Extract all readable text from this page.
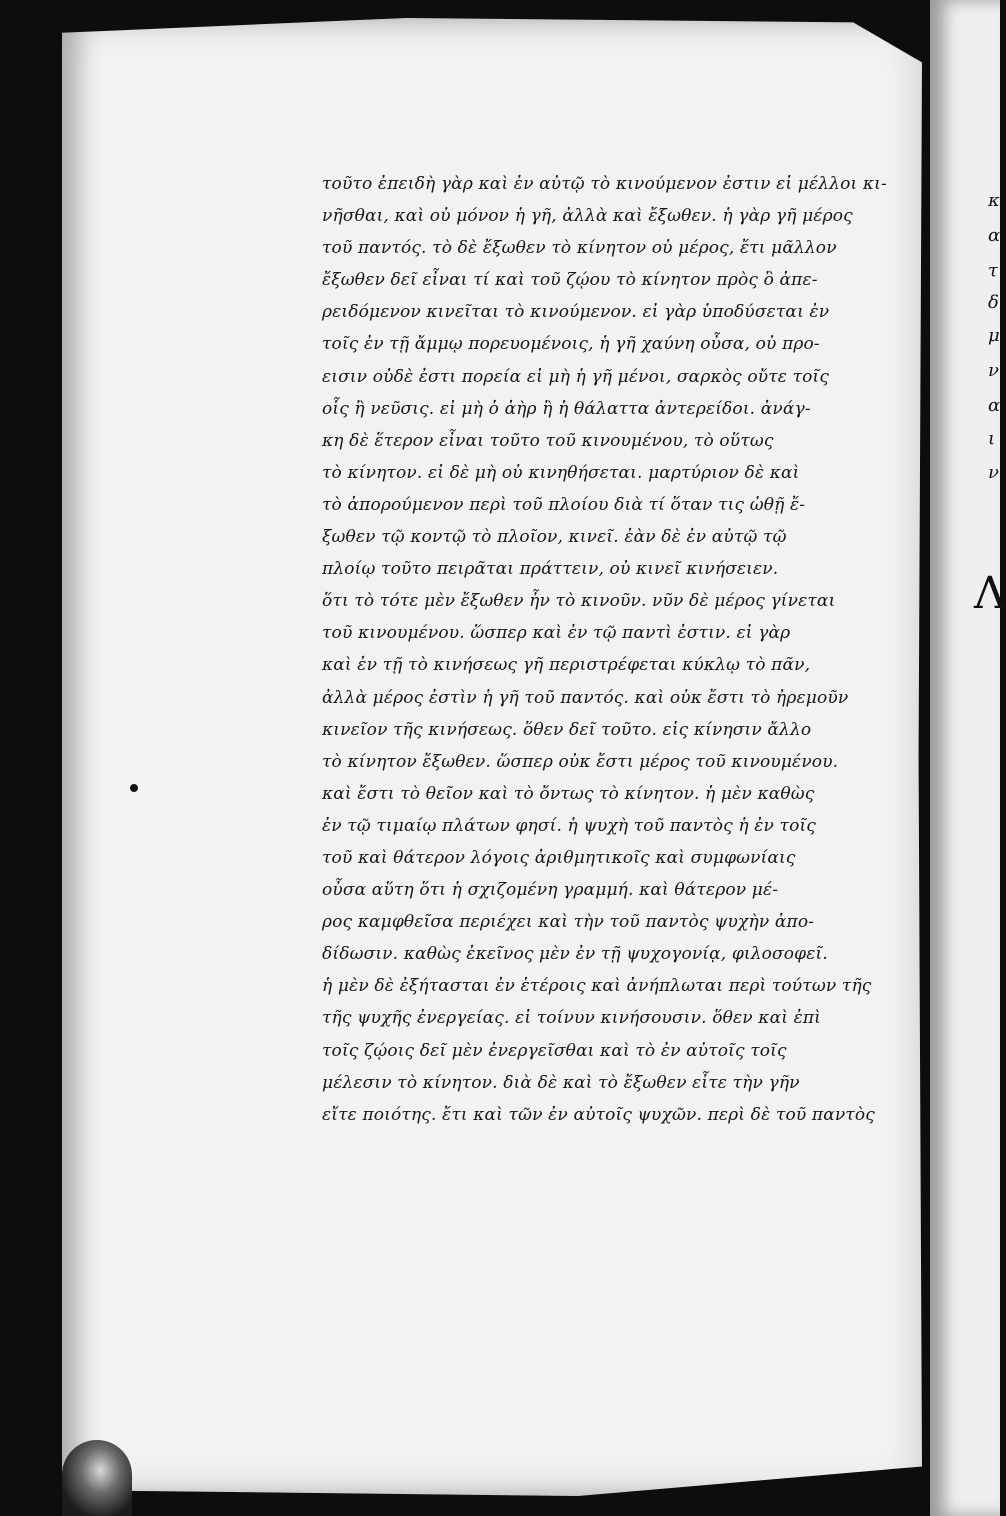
κ
α
τ
δ
μ
ν
α
ι
ν
Λ
τοῦτο ἐπειδὴ γὰρ καὶ ἐν αὐτῷ τὸ κινούμενον ἐστιν εἰ μέλλοι κι-
νῆσθαι, καὶ οὐ μόνον ἡ γῆ, ἀλλὰ καὶ ἔξωθεν. ἡ γὰρ γῆ μέρος
τοῦ παντός. τὸ δὲ ἔξωθεν τὸ κίνητον οὐ μέρος, ἔτι μᾶλλον
ἔξωθεν δεῖ εἶναι τί καὶ τοῦ ζῴου τὸ κίνητον πρὸς ὃ ἀπε-
ρειδόμενον κινεῖται τὸ κινούμενον. εἰ γὰρ ὑποδύσεται ἐν
τοῖς ἐν τῇ ἄμμῳ πορευομένοις, ἡ γῆ χαύνη οὖσα, οὐ προ-
εισιν οὐδὲ ἐστι πορεία εἰ μὴ ἡ γῆ μένοι, σαρκὸς οὔτε τοῖς
οἷς ἢ νεῦσις. εἰ μὴ ὁ ἀὴρ ἢ ἡ θάλαττα ἀντερείδοι. ἀνάγ-
κη δὲ ἕτερον εἶναι τοῦτο τοῦ κινουμένου, τὸ οὕτως
τὸ κίνητον. εἰ δὲ μὴ οὐ κινηθήσεται. μαρτύριον δὲ καὶ
τὸ ἀπορούμενον περὶ τοῦ πλοίου διὰ τί ὅταν τις ὠθῇ ἔ-
ξωθεν τῷ κοντῷ τὸ πλοῖον, κινεῖ. ἐὰν δὲ ἐν αὐτῷ τῷ
πλοίῳ τοῦτο πειρᾶται πράττειν, οὐ κινεῖ κινήσειεν.
ὅτι τὸ τότε μὲν ἔξωθεν ἦν τὸ κινοῦν. νῦν δὲ μέρος γίνεται
τοῦ κινουμένου. ὥσπερ καὶ ἐν τῷ παντὶ ἐστιν. εἰ γὰρ
καὶ ἐν τῇ τὸ κινήσεως γῆ περιστρέφεται κύκλῳ τὸ πᾶν,
ἀλλὰ μέρος ἐστὶν ἡ γῆ τοῦ παντός. καὶ οὐκ ἔστι τὸ ἠρεμοῦν
κινεῖον τῆς κινήσεως. ὅθεν δεῖ τοῦτο. εἰς κίνησιν ἄλλο
τὸ κίνητον ἔξωθεν. ὥσπερ οὐκ ἔστι μέρος τοῦ κινουμένου.
καὶ ἔστι τὸ θεῖον καὶ τὸ ὄντως τὸ κίνητον. ἡ μὲν καθὼς
ἐν τῷ τιμαίῳ πλάτων φησί. ἡ ψυχὴ τοῦ παντὸς ἡ ἐν τοῖς
τοῦ καὶ θάτερον λόγοις ἀριθμητικοῖς καὶ συμφωνίαις
οὖσα αὕτη ὅτι ἡ σχιζομένη γραμμή. καὶ θάτερον μέ-
ρος καμφθεῖσα περιέχει καὶ τὴν τοῦ παντὸς ψυχὴν ἀπο-
δίδωσιν. καθὼς ἐκεῖνος μὲν ἐν τῇ ψυχογονίᾳ, φιλοσοφεῖ.
ἡ μὲν δὲ ἐξήτασται ἐν ἑτέροις καὶ ἀνήπλωται περὶ τούτων τῆς
τῆς ψυχῆς ἐνεργείας. εἰ τοίνυν κινήσουσιν. ὅθεν καὶ ἐπὶ
τοῖς ζῴοις δεῖ μὲν ἐνεργεῖσθαι καὶ τὸ ἐν αὐτοῖς τοῖς
μέλεσιν τὸ κίνητον. διὰ δὲ καὶ τὸ ἔξωθεν εἶτε τὴν γῆν
εἴτε ποιότης. ἔτι καὶ τῶν ἐν αὐτοῖς ψυχῶν. περὶ δὲ τοῦ παντὸς
